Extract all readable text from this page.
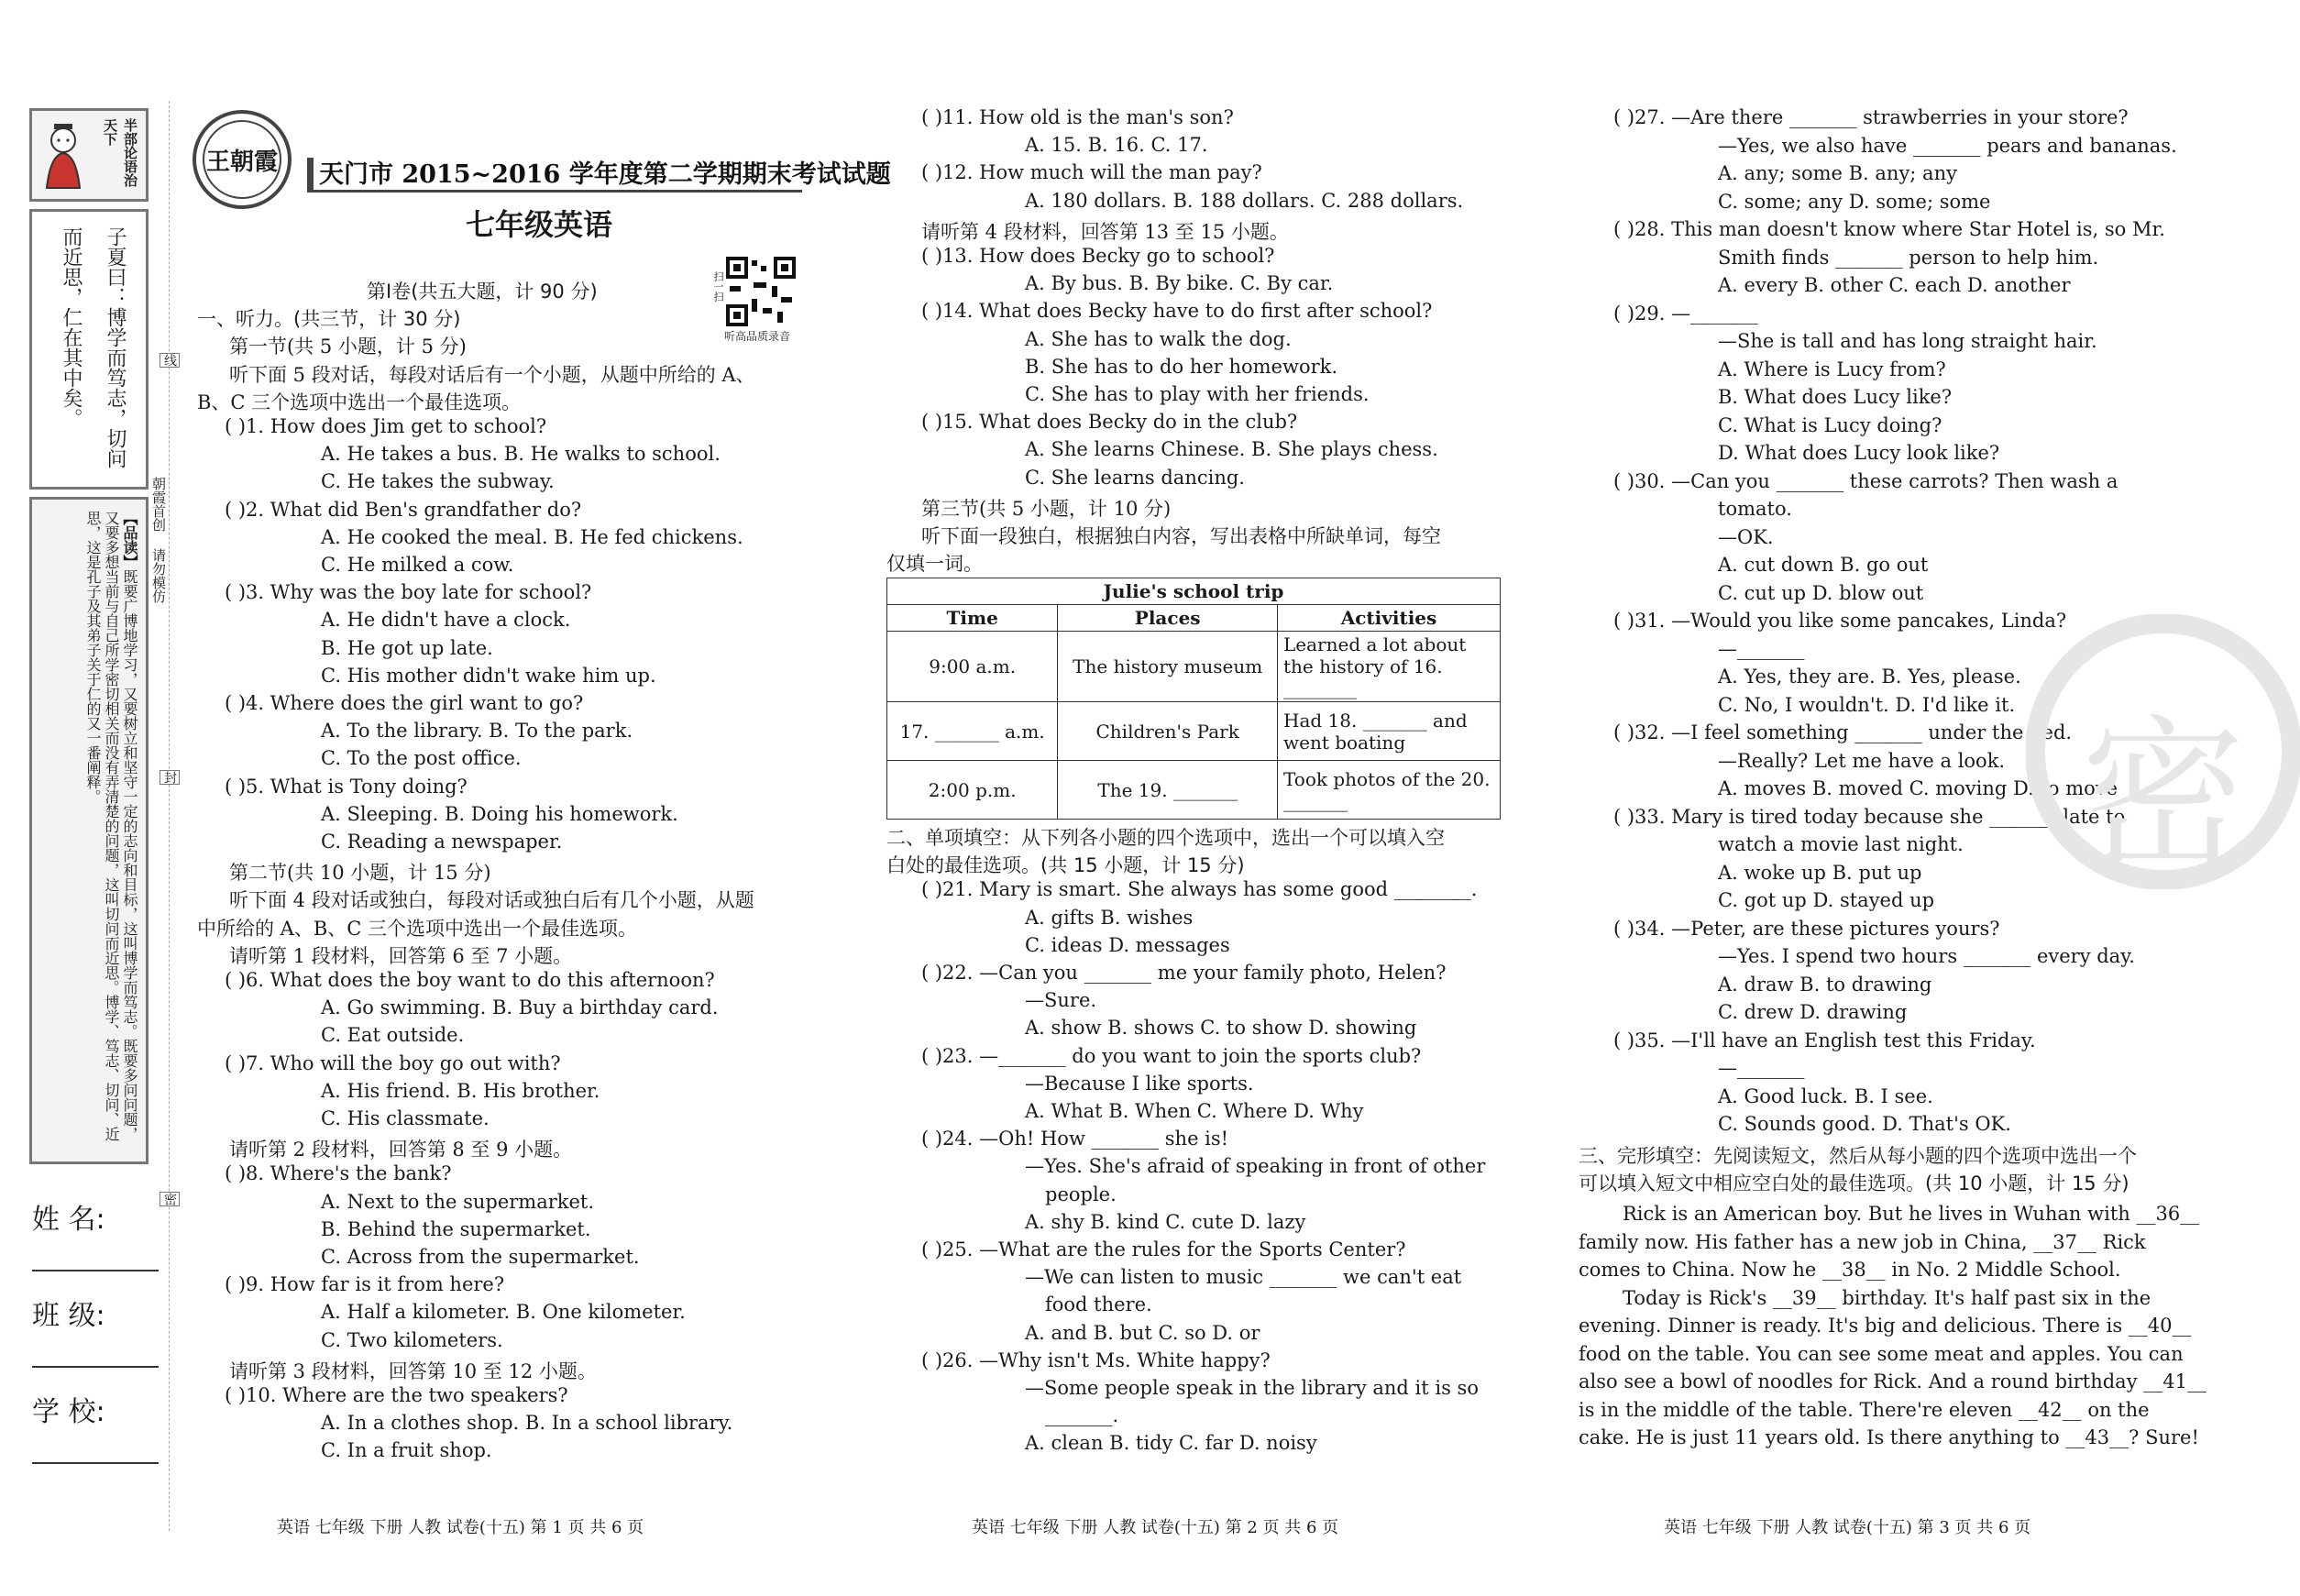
半部论语治天下
子夏曰：博学而笃志，切问
而近思，仁在其中矣。
【品读】既要广博地学习，又要树立和坚守一定的志向和目标，这叫博学而笃志。既要多问问题，又要多想当前与自己所学密切相关而没有弄清楚的问题，这叫切问而近思。博学、笃志、切问、近思，这是孔子及其弟子关于仁的又一番阐释。
线
封
密
朝霞首创 请勿模仿
姓 名:
班 级:
学 校:
王朝霞 天门市 2015~2016 学年度第二学期期末考试试题
七年级英语
扫一扫
听高品质录音
第Ⅰ卷(共五大题，计 90 分)
一、听力。(共三节，计 30 分)
第一节(共 5 小题，计 5 分)
听下面 5 段对话，每段对话后有一个小题，从题中所给的 A、
B、C 三个选项中选出一个最佳选项。
( )1. How does Jim get to school?
A. He takes a bus. B. He walks to school.
C. He takes the subway.
( )2. What did Ben's grandfather do?
A. He cooked the meal. B. He fed chickens.
C. He milked a cow.
( )3. Why was the boy late for school?
A. He didn't have a clock.
B. He got up late.
C. His mother didn't wake him up.
( )4. Where does the girl want to go?
A. To the library. B. To the park.
C. To the post office.
( )5. What is Tony doing?
A. Sleeping. B. Doing his homework.
C. Reading a newspaper.
第二节(共 10 小题，计 15 分)
听下面 4 段对话或独白，每段对话或独白后有几个小题，从题
中所给的 A、B、C 三个选项中选出一个最佳选项。
请听第 1 段材料，回答第 6 至 7 小题。
( )6. What does the boy want to do this afternoon?
A. Go swimming. B. Buy a birthday card.
C. Eat outside.
( )7. Who will the boy go out with?
A. His friend. B. His brother.
C. His classmate.
请听第 2 段材料，回答第 8 至 9 小题。
( )8. Where's the bank?
A. Next to the supermarket.
B. Behind the supermarket.
C. Across from the supermarket.
( )9. How far is it from here?
A. Half a kilometer. B. One kilometer.
C. Two kilometers.
请听第 3 段材料，回答第 10 至 12 小题。
( )10. Where are the two speakers?
A. In a clothes shop. B. In a school library.
C. In a fruit shop.
( )11. How old is the man's son?
A. 15. B. 16. C. 17.
( )12. How much will the man pay?
A. 180 dollars. B. 188 dollars. C. 288 dollars.
请听第 4 段材料，回答第 13 至 15 小题。
( )13. How does Becky go to school?
A. By bus. B. By bike. C. By car.
( )14. What does Becky have to do first after school?
A. She has to walk the dog.
B. She has to do her homework.
C. She has to play with her friends.
( )15. What does Becky do in the club?
A. She learns Chinese. B. She plays chess.
C. She learns dancing.
第三节(共 5 小题，计 10 分)
听下面一段独白，根据独白内容，写出表格中所缺单词，每空
仅填一词。
Julie's school trip		
Time	Places	Activities
9:00 a.m.	The history museum	Learned a lot about the history of 16. ________
17. _______ a.m.	Children's Park	Had 18. _______ and went boating
2:00 p.m.	The 19. _______	Took photos of the 20. _______
二、单项填空：从下列各小题的四个选项中，选出一个可以填入空
白处的最佳选项。(共 15 小题，计 15 分)
( )21. Mary is smart. She always has some good ________.
A. gifts B. wishes
C. ideas D. messages
( )22. —Can you _______ me your family photo, Helen?
—Sure.
A. show B. shows C. to show D. showing
( )23. —_______ do you want to join the sports club?
—Because I like sports.
A. What B. When C. Where D. Why
( )24. —Oh! How _______ she is!
—Yes. She's afraid of speaking in front of other
people.
A. shy B. kind C. cute D. lazy
( )25. —What are the rules for the Sports Center?
—We can listen to music _______ we can't eat
food there.
A. and B. but C. so D. or
( )26. —Why isn't Ms. White happy?
—Some people speak in the library and it is so
_______.
A. clean B. tidy C. far D. noisy
( )27. —Are there _______ strawberries in your store?
—Yes, we also have _______ pears and bananas.
A. any; some B. any; any
C. some; any D. some; some
( )28. This man doesn't know where Star Hotel is, so Mr.
Smith finds _______ person to help him.
A. every B. other C. each D. another
( )29. —_______
—She is tall and has long straight hair.
A. Where is Lucy from?
B. What does Lucy like?
C. What is Lucy doing?
D. What does Lucy look like?
( )30. —Can you _______ these carrots? Then wash a
tomato.
—OK.
A. cut down B. go out
C. cut up D. blow out
( )31. —Would you like some pancakes, Linda?
—_______
A. Yes, they are. B. Yes, please.
C. No, I wouldn't. D. I'd like it.
( )32. —I feel something _______ under the bed.
—Really? Let me have a look.
A. moves B. moved C. moving D. to move
( )33. Mary is tired today because she _______ late to
watch a movie last night.
A. woke up B. put up
C. got up D. stayed up
( )34. —Peter, are these pictures yours?
—Yes. I spend two hours _______ every day.
A. draw B. to drawing
C. drew D. drawing
( )35. —I'll have an English test this Friday.
—_______
A. Good luck. B. I see.
C. Sounds good. D. That's OK.
三、完形填空：先阅读短文，然后从每小题的四个选项中选出一个
可以填入短文中相应空白处的最佳选项。(共 10 小题，计 15 分)
Rick is an American boy. But he lives in Wuhan with __36__
family now. His father has a new job in China, __37__ Rick
comes to China. Now he __38__ in No. 2 Middle School.
Today is Rick's __39__ birthday. It's half past six in the
evening. Dinner is ready. It's big and delicious. There is __40__
food on the table. You can see some meat and apples. You can
also see a bowl of noodles for Rick. And a round birthday __41__
is in the middle of the table. There're eleven __42__ on the
cake. He is just 11 years old. Is there anything to __43__? Sure!
密
英语 七年级 下册 人教 试卷(十五) 第 1 页 共 6 页	英语 七年级 下册 人教 试卷(十五) 第 2 页 共 6 页	英语 七年级 下册 人教 试卷(十五) 第 3 页 共 6 页
